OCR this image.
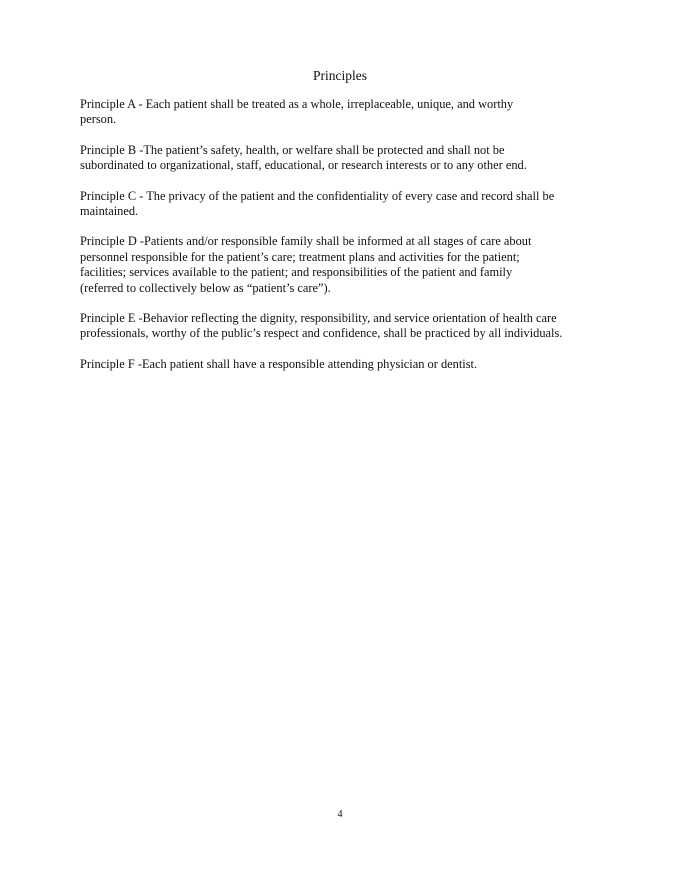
Principles

Principle A - Each patient shall be treated as a whole, irreplaceable, unique, and worthy
person.

Principle B -The patient’s safety, health, or welfare shall be protected and shall not be
subordinated to organizational, staff, educational, or research interests or to any other end.

Principle C - The privacy of the patient and the confidentiality of every case and record shall be
maintained.

Principle D -Patients and/or responsible family shall be informed at all stages of care about
personnel responsible for the patient’s care; treatment plans and activities for the patient;
facilities; services available to the patient; and responsibilities of the patient and family
(referred to collectively below as “patient’s care”).

Principle E -Behavior reflecting the dignity, responsibility, and service orientation of health care
professionals, worthy of the public’s respect and confidence, shall be practiced by all individuals.

Principle F -Each patient shall have a responsible attending physician or dentist.

4
